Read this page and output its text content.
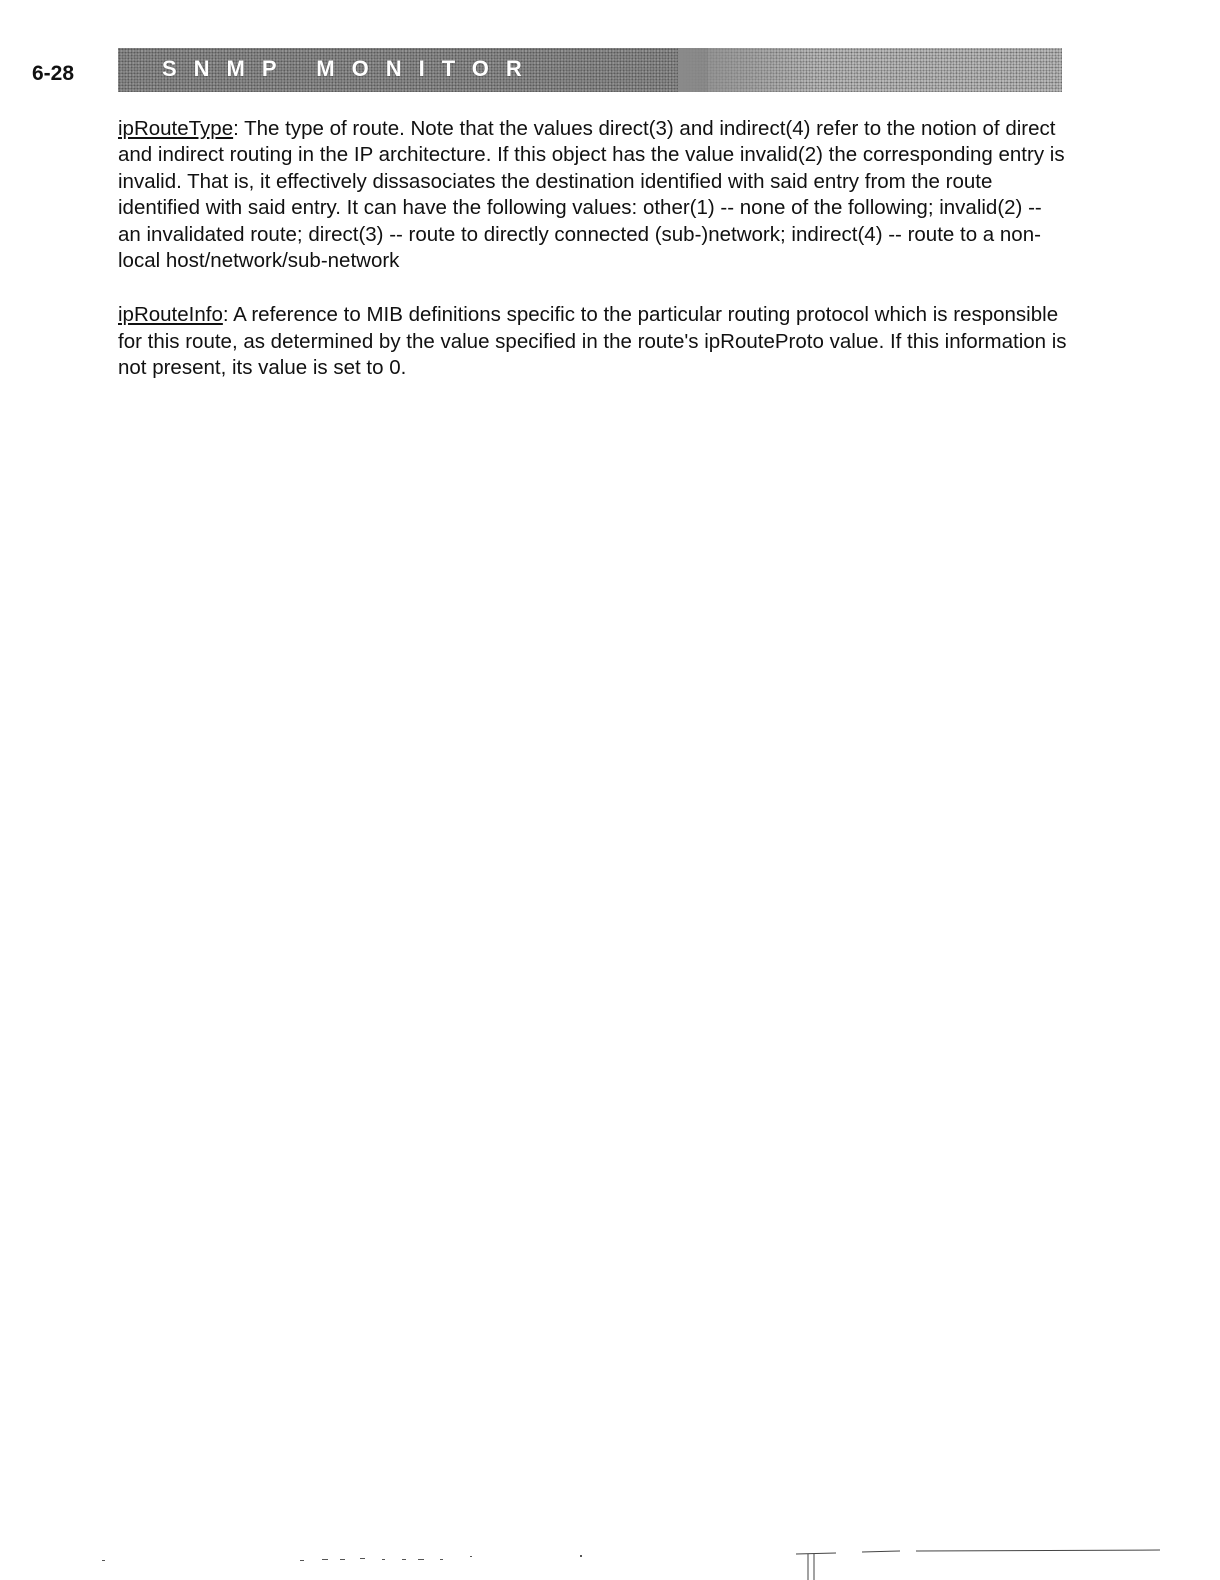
6-28	SNMP MONITOR

ipRouteType: The type of route. Note that the values direct(3) and indirect(4) refer to the notion of direct and indirect routing in the IP architecture. If this object has the value invalid(2) the corresponding entry is invalid. That is, it effectively dissasociates the destination identified with said entry from the route identified with said entry. It can have the following values: other(1) -- none of the following; invalid(2) -- an invalidated route; direct(3) -- route to directly connected (sub-)network; indirect(4) -- route to a non-local host/network/sub-network

ipRouteInfo: A reference to MIB definitions specific to the particular routing protocol which is responsible for this route, as determined by the value specified in the route's ipRouteProto value. If this information is not present, its value is set to 0.
